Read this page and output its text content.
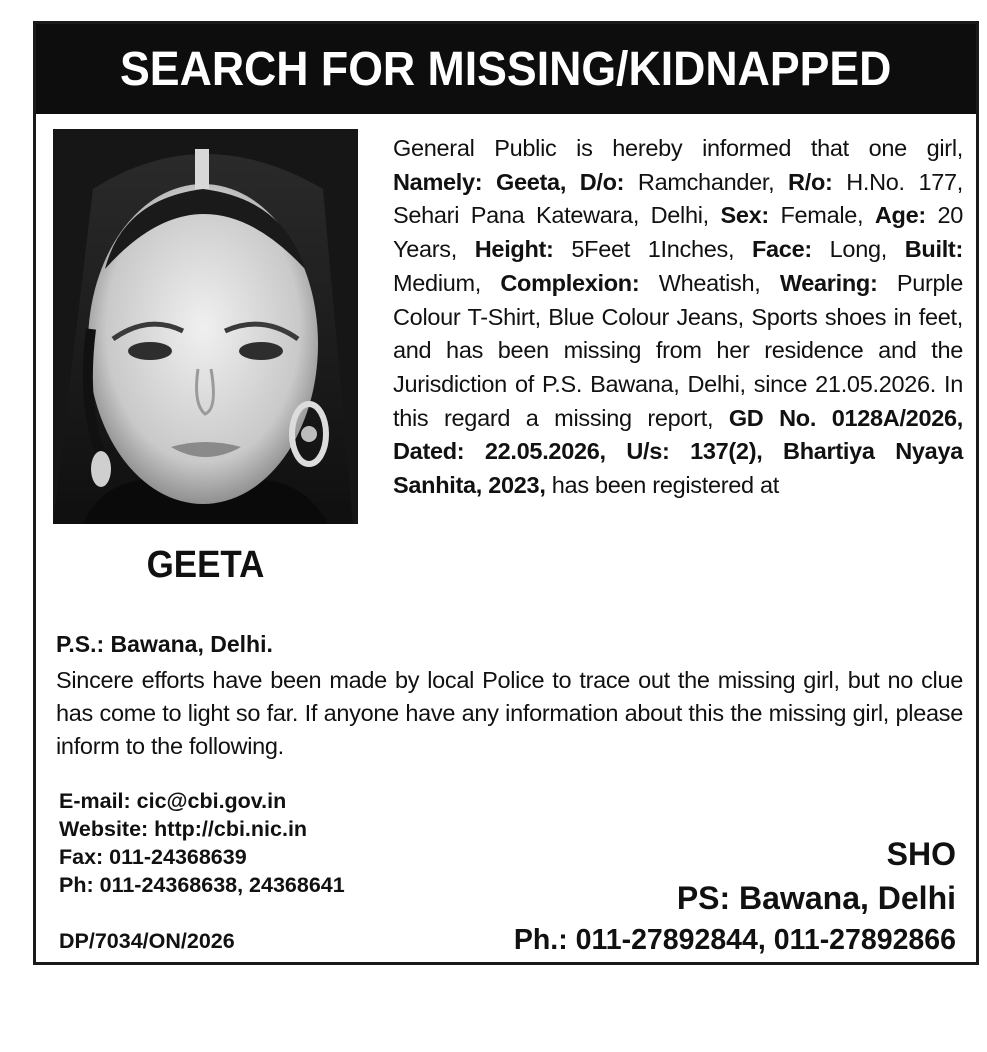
SEARCH FOR MISSING/KIDNAPPED
GEETA
General Public is hereby informed that one girl, Namely: Geeta, D/o: Ramchander, R/o: H.No. 177, Sehari Pana Katewara, Delhi, Sex: Female, Age: 20 Years, Height: 5Feet 1Inches, Face: Long, Built: Medium, Complexion: Wheatish, Wearing: Purple Colour T-Shirt, Blue Colour Jeans, Sports shoes in feet, and has been missing from her residence and the Jurisdiction of P.S. Bawana, Delhi, since 21.05.2026. In this regard a missing report, GD No. 0128A/2026, Dated: 22.05.2026, U/s: 137(2), Bhartiya Nyaya Sanhita, 2023, has been registered at
P.S.: Bawana, Delhi.
Sincere efforts have been made by local Police to trace out the missing girl, but no clue has come to light so far. If anyone have any information about this the missing girl, please inform to the following.
E-mail: cic@cbi.gov.in
Website: http://cbi.nic.in
Fax: 011-24368639
Ph: 011-24368638, 24368641
DP/7034/ON/2026
SHO
PS: Bawana, Delhi
Ph.: 011-27892844, 011-27892866
